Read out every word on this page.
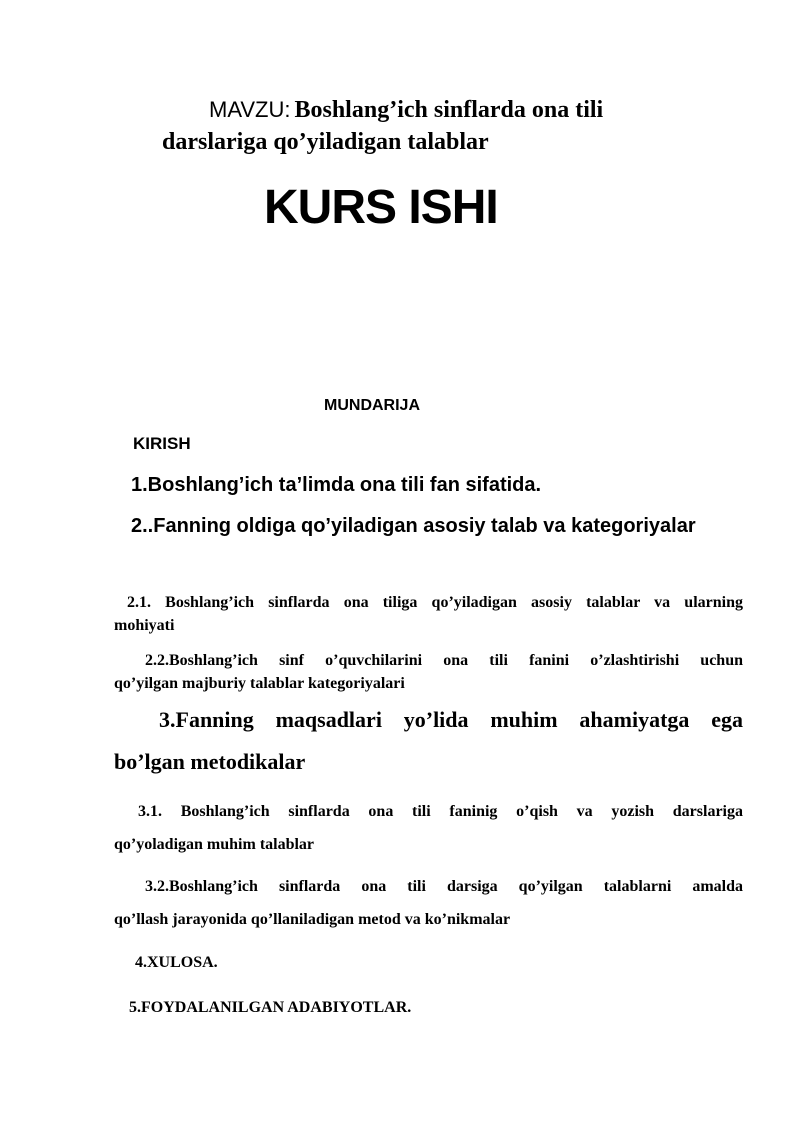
MAVZU: Boshlang’ich sinflarda ona tili
darslariga qo’yiladigan talablar
KURS ISHI
MUNDARIJA
KIRISH
1.Boshlang’ich ta’limda ona tili fan sifatida.
2..Fanning oldiga qo’yiladigan asosiy talab va kategoriyalar
2.1. Boshlang’ich sinflarda ona tiliga qo’yiladigan asosiy talablar va ularning
mohiyati
2.2.Boshlang’ich sinf o’quvchilarini ona tili fanini o’zlashtirishi uchun
qo’yilgan majburiy talablar kategoriyalari
3.Fanning maqsadlari yo’lida muhim ahamiyatga ega
bo’lgan metodikalar
3.1. Boshlang’ich sinflarda ona tili faninig o’qish va yozish darslariga
qo’yoladigan muhim talablar
3.2.Boshlang’ich sinflarda ona tili darsiga qo’yilgan talablarni amalda
qo’llash jarayonida qo’llaniladigan metod va ko’nikmalar
4.XULOSA.
5.FOYDALANILGAN ADABIYOTLAR.
